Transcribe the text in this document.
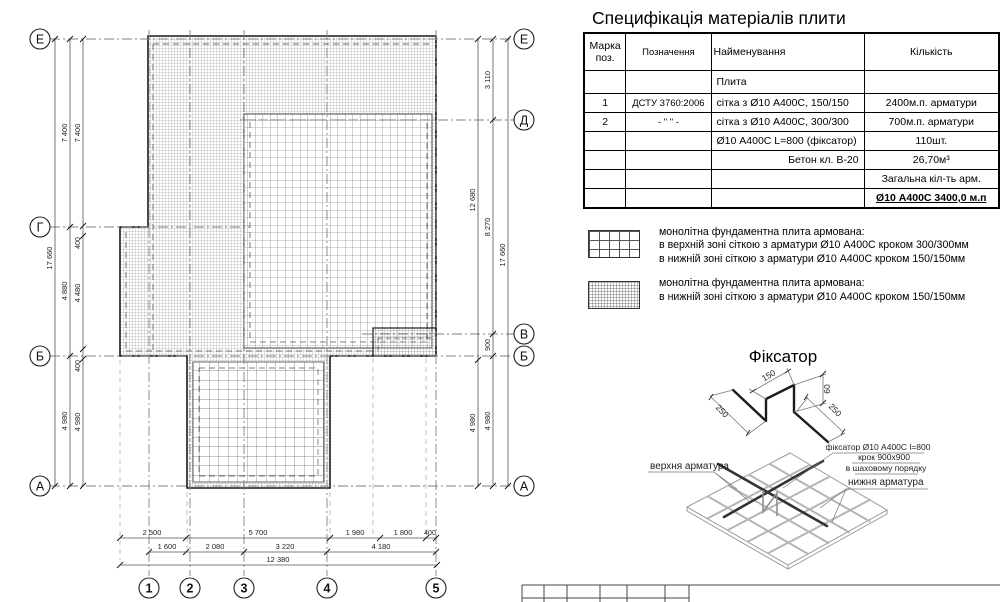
7 400
400
4 480
400
4 980
7 400
4 880
4 980
17 660
3 110
8 270
900
4 980
12 680
4 980
17 660
2 500	5 700	1 980	1 800 400
1 600	2 080	3 220	4 180
12 380
Е
Г
Б
А
Е
Д
В
Б
А
1	2	3	4	5
Специфікація матеріалів плити
Марка поз.	Позначення	Найменування	Кількість
		Плита	
1	ДСТУ 3760:2006	сітка з Ø10 А400С, 150/150	2400м.п. арматури
2	- " " -	сітка з Ø10 А400С, 300/300	700м.п. арматури
		Ø10 А400С L=800 (фіксатор)	110шт.
		Бетон кл. В-20	26,70м³
			Загальна кіл-ть арм.
			Ø10 А400С 3400,0 м.п
монолітна фундаментна плита армована:
в верхній зоні сіткою з арматури Ø10 А400С кроком 300/300мм
в нижній зоні сіткою з арматури Ø10 А400С кроком 150/150мм
монолітна фундаментна плита армована:
в нижній зоні сіткою з арматури Ø10 А400С кроком 150/150мм
Фіксатор
150
60
250	250
верхня арматура
нижня арматура
фіксатор Ø10 А400С l=800
крок 900х900
в шаховому порядку
